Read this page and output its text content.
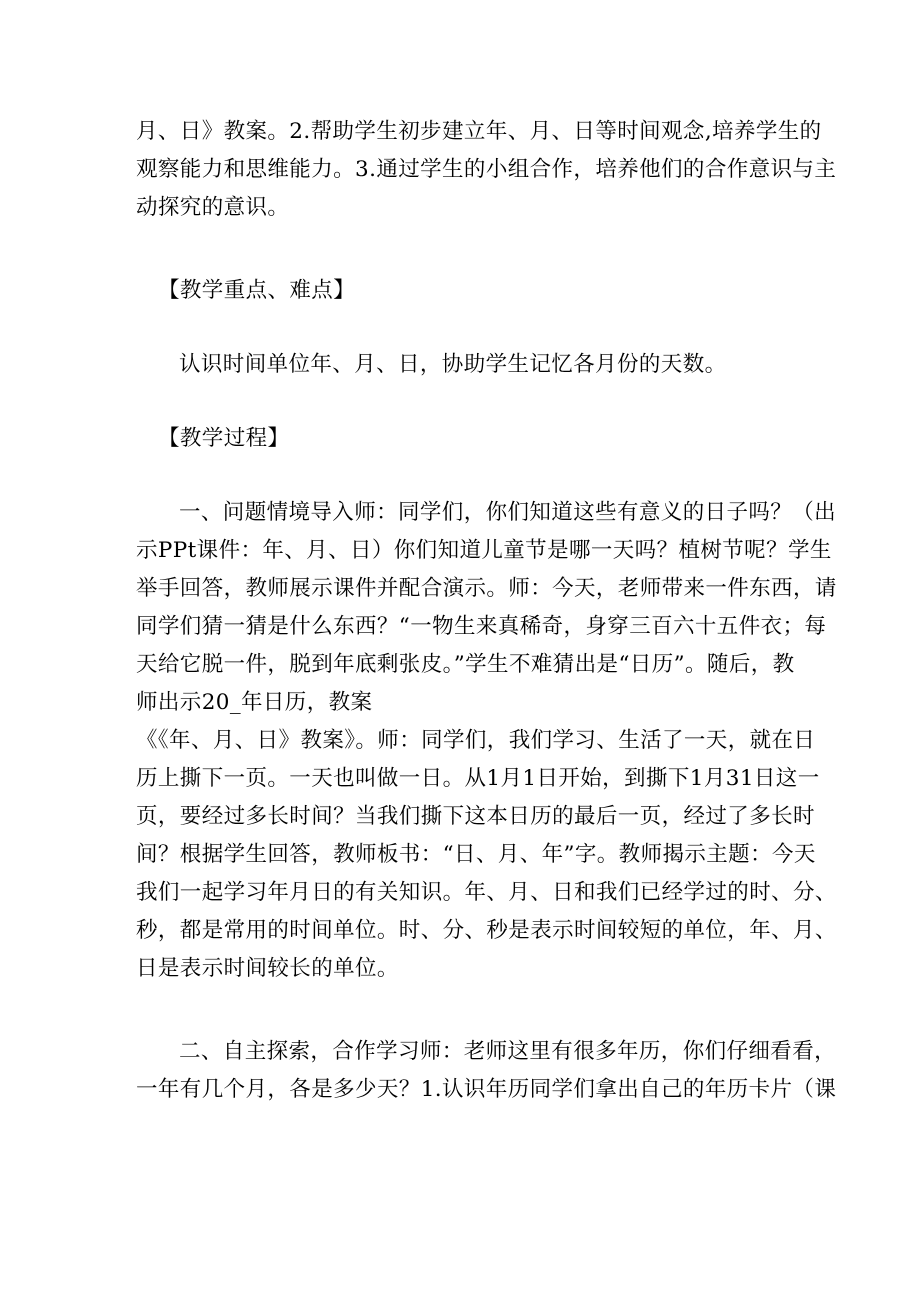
月、日》教案。2.帮助学生初步建立年、月、日等时间观念,培养学生的
观察能力和思维能力。3.通过学生的小组合作，培养他们的合作意识与主
动探究的意识。
【教学重点、难点】
认识时间单位年、月、日，协助学生记忆各月份的天数。
【教学过程】
一、问题情境导入师：同学们，你们知道这些有意义的日子吗？（出
示PPt课件：年、月、日）你们知道儿童节是哪一天吗？植树节呢？学生
举手回答，教师展示课件并配合演示。师：今天，老师带来一件东西，请
同学们猜一猜是什么东西？“一物生来真稀奇，身穿三百六十五件衣；每
天给它脱一件，脱到年底剩张皮。”学生不难猜出是“日历”。随后，教
师出示20_年日历，教案
《《年、月、日》教案》。师：同学们，我们学习、生活了一天，就在日
历上撕下一页。一天也叫做一日。从1月1日开始，到撕下1月31日这一
页，要经过多长时间？当我们撕下这本日历的最后一页，经过了多长时
间？根据学生回答，教师板书：“日、月、年”字。教师揭示主题：今天
我们一起学习年月日的有关知识。年、月、日和我们已经学过的时、分、
秒，都是常用的时间单位。时、分、秒是表示时间较短的单位，年、月、
日是表示时间较长的单位。
二、自主探索，合作学习师：老师这里有很多年历，你们仔细看看，
一年有几个月，各是多少天？1.认识年历同学们拿出自己的年历卡片（课
